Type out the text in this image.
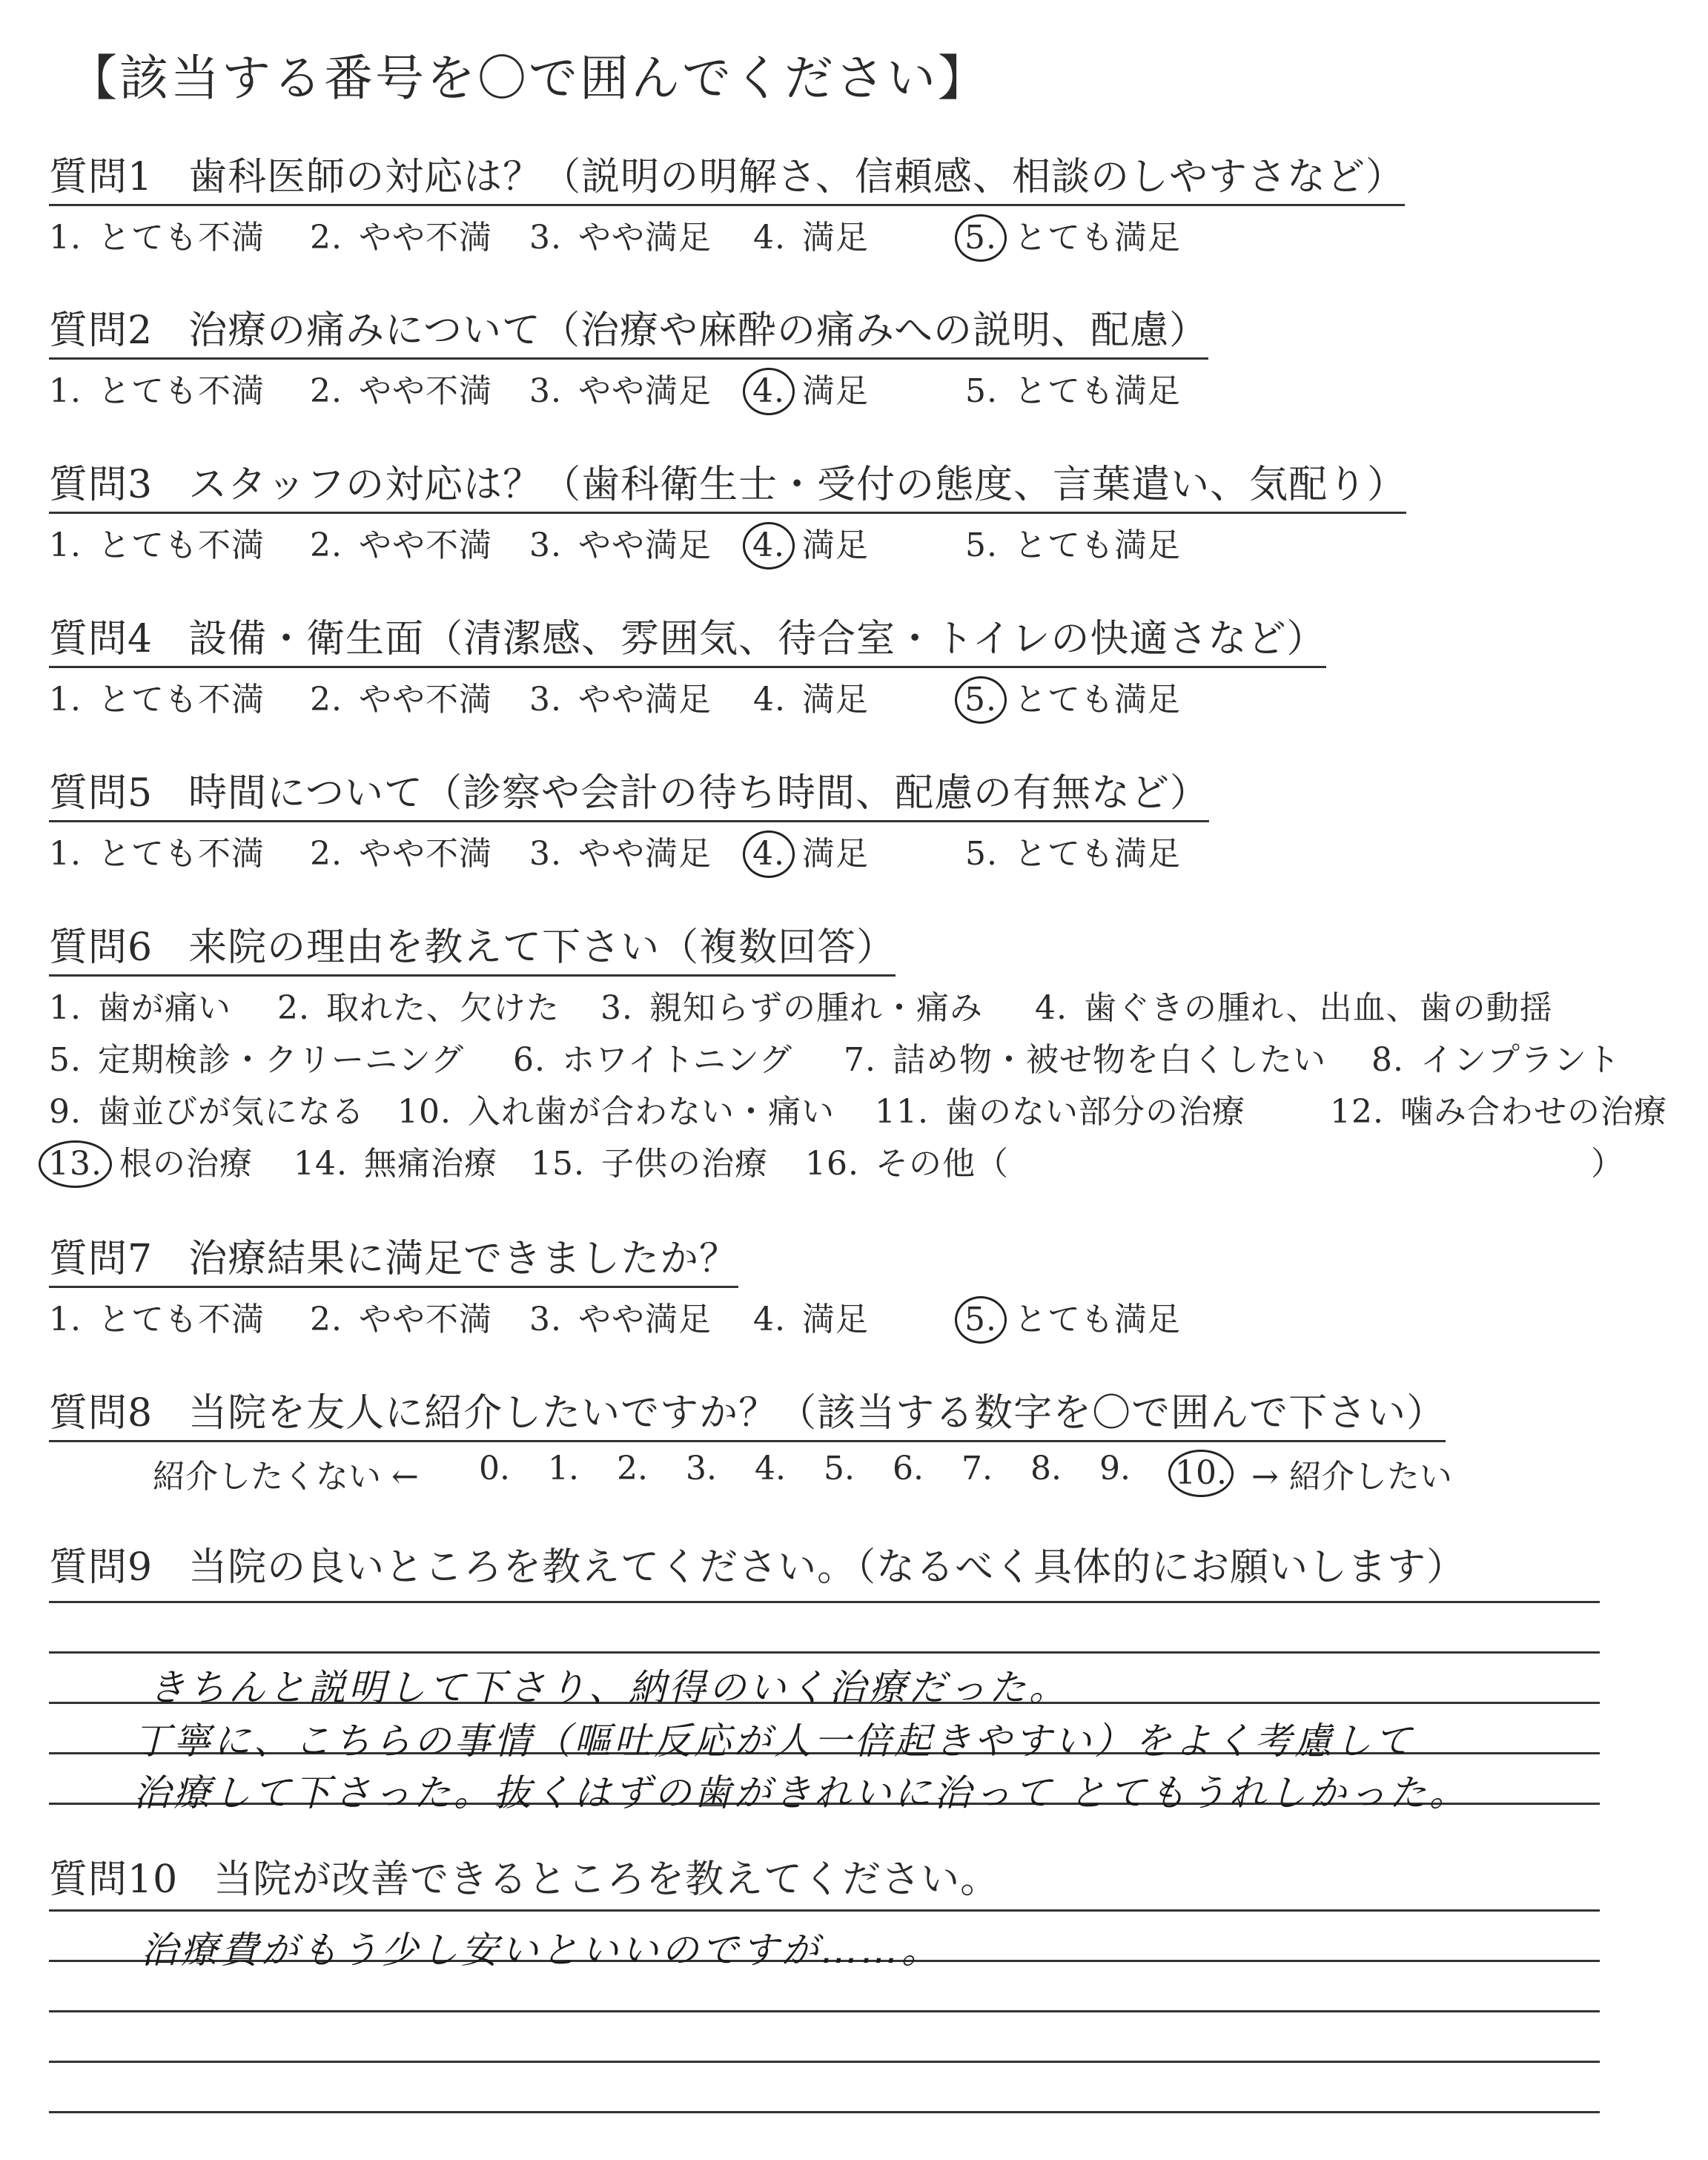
【該当する番号を〇で囲んでください】
質問1 歯科医師の対応は？（説明の明解さ、信頼感、相談のしやすさなど）
1. とても不満 2. やや不満 3. やや満足 4. 満足	5. とても満足
質問2 治療の痛みについて（治療や麻酔の痛みへの説明、配慮）
1. とても不満 2. やや不満 3. やや満足 4. 満足	5. とても満足
質問3 スタッフの対応は？（歯科衛生士・受付の態度、言葉遣い、気配り）
1. とても不満 2. やや不満 3. やや満足 4. 満足	5. とても満足
質問4 設備・衛生面（清潔感、雰囲気、待合室・トイレの快適さなど）
1. とても不満 2. やや不満 3. やや満足 4. 満足	5. とても満足
質問5 時間について（診察や会計の待ち時間、配慮の有無など）
1. とても不満 2. やや不満 3. やや満足 4. 満足	5. とても満足
質問6 来院の理由を教えて下さい（複数回答）
1. 歯が痛い 2. 取れた、欠けた 3. 親知らずの腫れ・痛み 4. 歯ぐきの腫れ、出血、歯の動揺
5. 定期検診・クリーニング 6. ホワイトニング 7. 詰め物・被せ物を白くしたい 8. インプラント
9. 歯並びが気になる 10. 入れ歯が合わない・痛い 11. 歯のない部分の治療	12. 噛み合わせの治療
13. 根の治療 14. 無痛治療 15. 子供の治療 16. その他（	）
質問7 治療結果に満足できましたか？
1. とても不満 2. やや不満 3. やや満足 4. 満足	5. とても満足
質問8 当院を友人に紹介したいですか？（該当する数字を〇で囲んで下さい）
紹介したくない ←	→ 紹介したい
0. 1. 2. 3. 4. 5. 6. 7. 8. 9. 10.
質問9 当院の良いところを教えてください。（なるべく具体的にお願いします）
きちんと説明して下さり、納得のいく治療だった。
丁寧に、こちらの事情（嘔吐反応が人一倍起きやすい）をよく考慮して
治療して下さった。抜くはずの歯がきれいに治って とてもうれしかった。
質問10 当院が改善できるところを教えてください。
治療費がもう少し安いといいのですが……。
